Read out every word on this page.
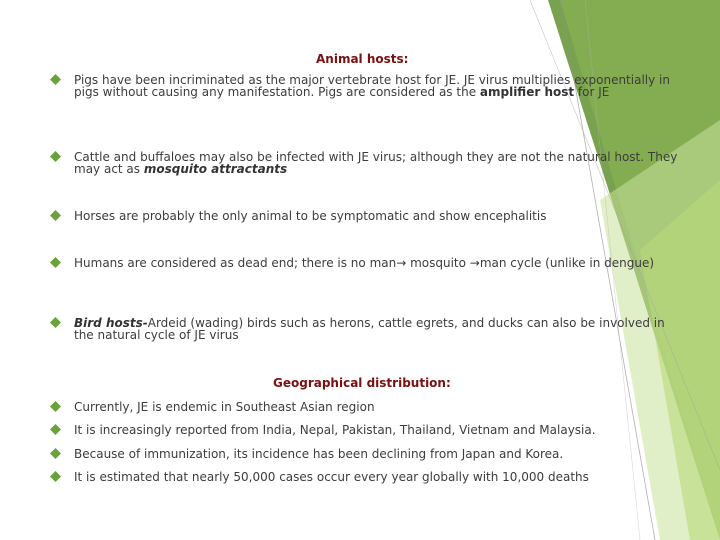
Animal hosts:
Pigs have been incriminated as the major vertebrate host for JE. JE virus multiplies exponentially in pigs without causing any manifestation. Pigs are considered as the amplifier host for JE
Cattle and buffaloes may also be infected with JE virus; although they are not the natural host. They may act as mosquito attractants
Horses are probably the only animal to be symptomatic and show encephalitis
Humans are considered as dead end; there is no man→ mosquito →man cycle (unlike in dengue)
Bird hosts-Ardeid (wading) birds such as herons, cattle egrets, and ducks can also be involved in the natural cycle of JE virus
Geographical distribution:
Currently, JE is endemic in Southeast Asian region
It is increasingly reported from India, Nepal, Pakistan, Thailand, Vietnam and Malaysia.
Because of immunization, its incidence has been declining from Japan and Korea.
It is estimated that nearly 50,000 cases occur every year globally with 10,000 deaths
